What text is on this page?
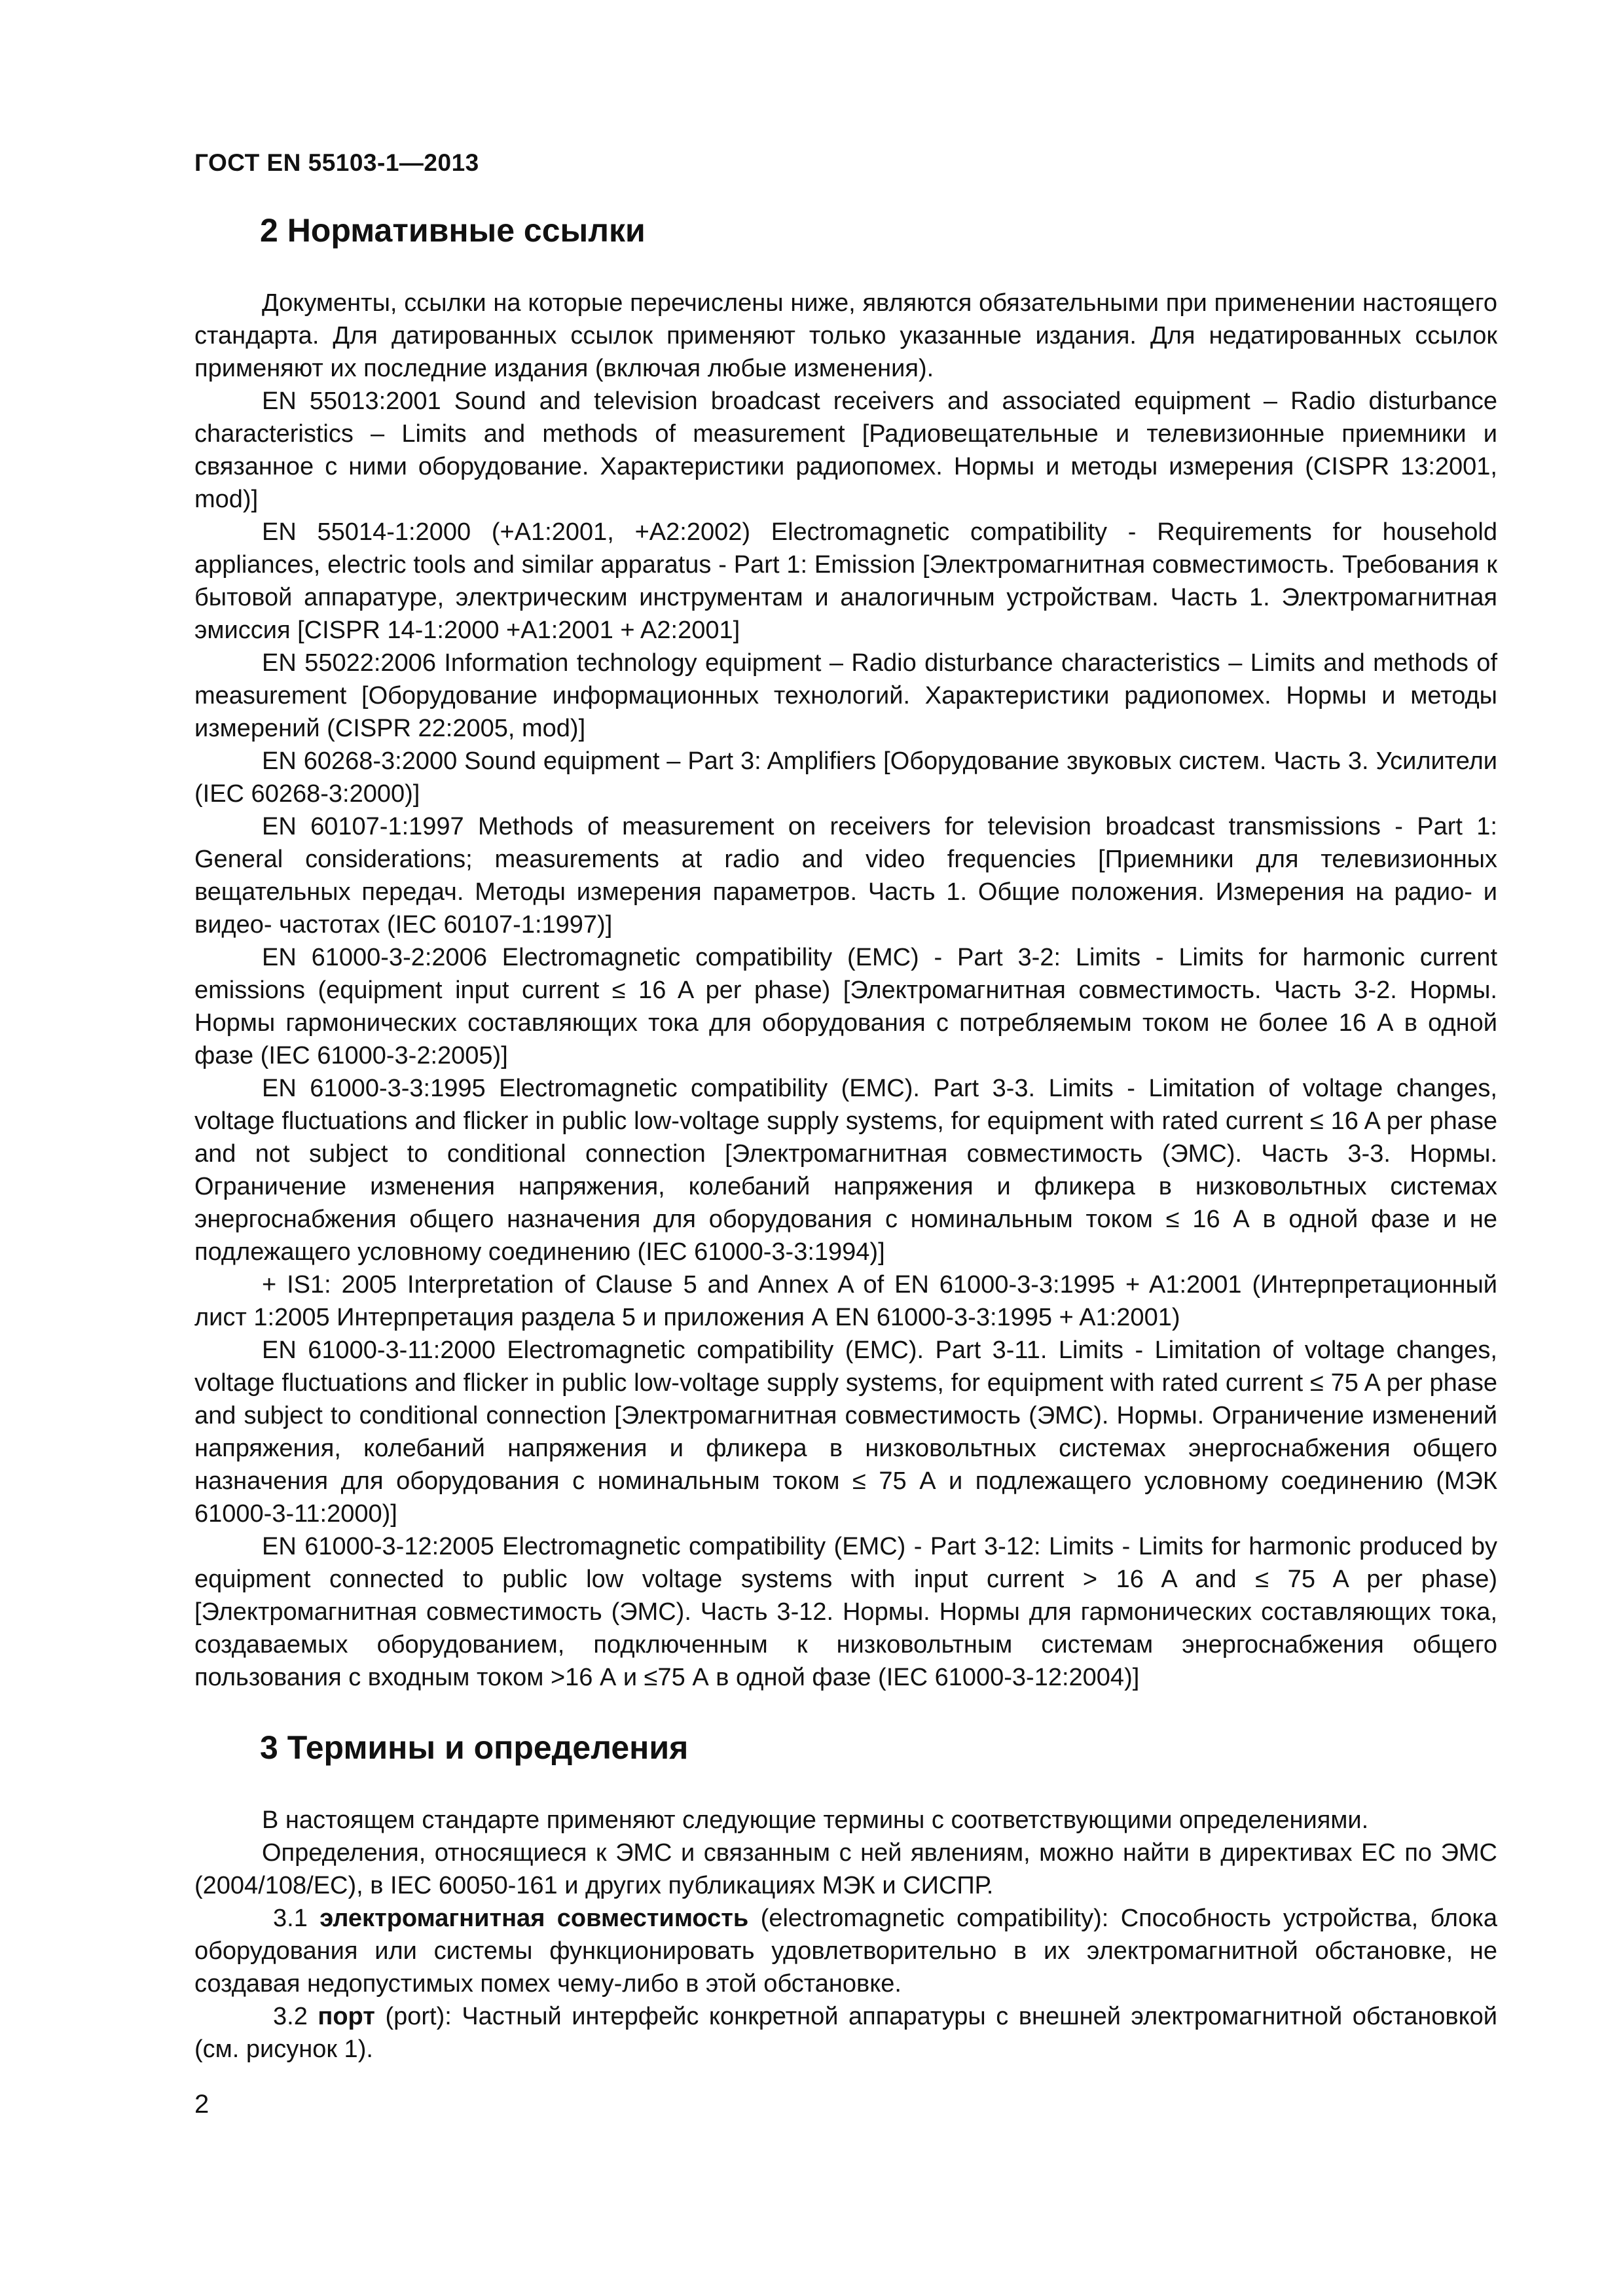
ГОСТ EN 55103-1—2013
2 Нормативные ссылки

Документы, ссылки на которые перечислены ниже, являются обязательными при применении настоящего стандарта. Для датированных ссылок применяют только указанные издания. Для недатированных ссылок применяют их последние издания (включая любые изменения).

EN 55013:2001 Sound and television broadcast receivers and associated equipment – Radio disturbance characteristics – Limits and methods of measurement [Радиовещательные и телевизионные приемники и связанное с ними оборудование. Характеристики радиопомех. Нормы и методы измерения (CISPR 13:2001, mod)]

EN 55014-1:2000 (+A1:2001, +A2:2002) Electromagnetic compatibility - Requirements for household appliances, electric tools and similar apparatus - Part 1: Emission [Электромагнитная совместимость. Требования к бытовой аппаратуре, электрическим инструментам и аналогичным устройствам. Часть 1. Электромагнитная эмиссия [CISPR 14-1:2000 +A1:2001 + A2:2001]

EN 55022:2006 Information technology equipment – Radio disturbance characteristics – Limits and methods of measurement [Оборудование информационных технологий. Характеристики радиопомех. Нормы и методы измерений (CISPR 22:2005, mod)]

EN 60268-3:2000 Sound equipment – Part 3: Amplifiers [Оборудование звуковых систем. Часть 3. Усилители (IEC 60268-3:2000)]

EN 60107-1:1997 Methods of measurement on receivers for television broadcast transmissions - Part 1: General considerations; measurements at radio and video frequencies [Приемники для телевизионных вещательных передач. Методы измерения параметров. Часть 1. Общие положения. Измерения на радио- и видео- частотах (IEC 60107-1:1997)]

EN 61000-3-2:2006 Electromagnetic compatibility (EMC) - Part 3-2: Limits - Limits for harmonic current emissions (equipment input current ≤ 16 A per phase) [Электромагнитная совместимость. Часть 3-2. Нормы. Нормы гармонических составляющих тока для оборудования с потребляемым током не более 16 А в одной фазе (IEC 61000-3-2:2005)]

EN 61000-3-3:1995 Electromagnetic compatibility (EMC). Part 3-3. Limits - Limitation of voltage changes, voltage fluctuations and flicker in public low-voltage supply systems, for equipment with rated current ≤ 16 A per phase and not subject to conditional connection [Электромагнитная совместимость (ЭМС). Часть 3-3. Нормы. Ограничение изменения напряжения, колебаний напряжения и фликера в низковольтных системах энергоснабжения общего назначения для оборудования с номинальным током ≤ 16 А в одной фазе и не подлежащего условному соединению (IEC 61000-3-3:1994)]

+ IS1: 2005 Interpretation of Clause 5 and Annex A of EN 61000-3-3:1995 + A1:2001 (Интерпретационный лист 1:2005 Интерпретация раздела 5 и приложения А EN 61000-3-3:1995 + A1:2001)

EN 61000-3-11:2000 Electromagnetic compatibility (EMC). Part 3-11. Limits - Limitation of voltage changes, voltage fluctuations and flicker in public low-voltage supply systems, for equipment with rated current ≤ 75 A per phase and subject to conditional connection [Электромагнитная совместимость (ЭМС). Нормы. Ограничение изменений напряжения, колебаний напряжения и фликера в низковольтных системах энергоснабжения общего назначения для оборудования с номинальным током ≤ 75 А и подлежащего условному соединению (МЭК 61000-3-11:2000)]

EN 61000-3-12:2005 Electromagnetic compatibility (EMC) - Part 3-12: Limits - Limits for harmonic produced by equipment connected to public low voltage systems with input current > 16 A and ≤ 75 A per phase) [Электромагнитная совместимость (ЭМС). Часть 3-12. Нормы. Нормы для гармонических составляющих тока, создаваемых оборудованием, подключенным к низковольтным системам энергоснабжения общего пользования с входным током >16 А и ≤75 А в одной фазе (IEC 61000-3-12:2004)]

3 Термины и определения

В настоящем стандарте применяют следующие термины с соответствующими определениями.

Определения, относящиеся к ЭМС и связанным с ней явлениям, можно найти в директивах ЕС по ЭМС (2004/108/ЕС), в IEC 60050-161 и других публикациях МЭК и СИСПР.

3.1 электромагнитная совместимость (electromagnetic compatibility): Способность устройства, блока оборудования или системы функционировать удовлетворительно в их электромагнитной обстановке, не создавая недопустимых помех чему-либо в этой обстановке.

3.2 порт (port): Частный интерфейс конкретной аппаратуры с внешней электромагнитной обстановкой (см. рисунок 1).

2
